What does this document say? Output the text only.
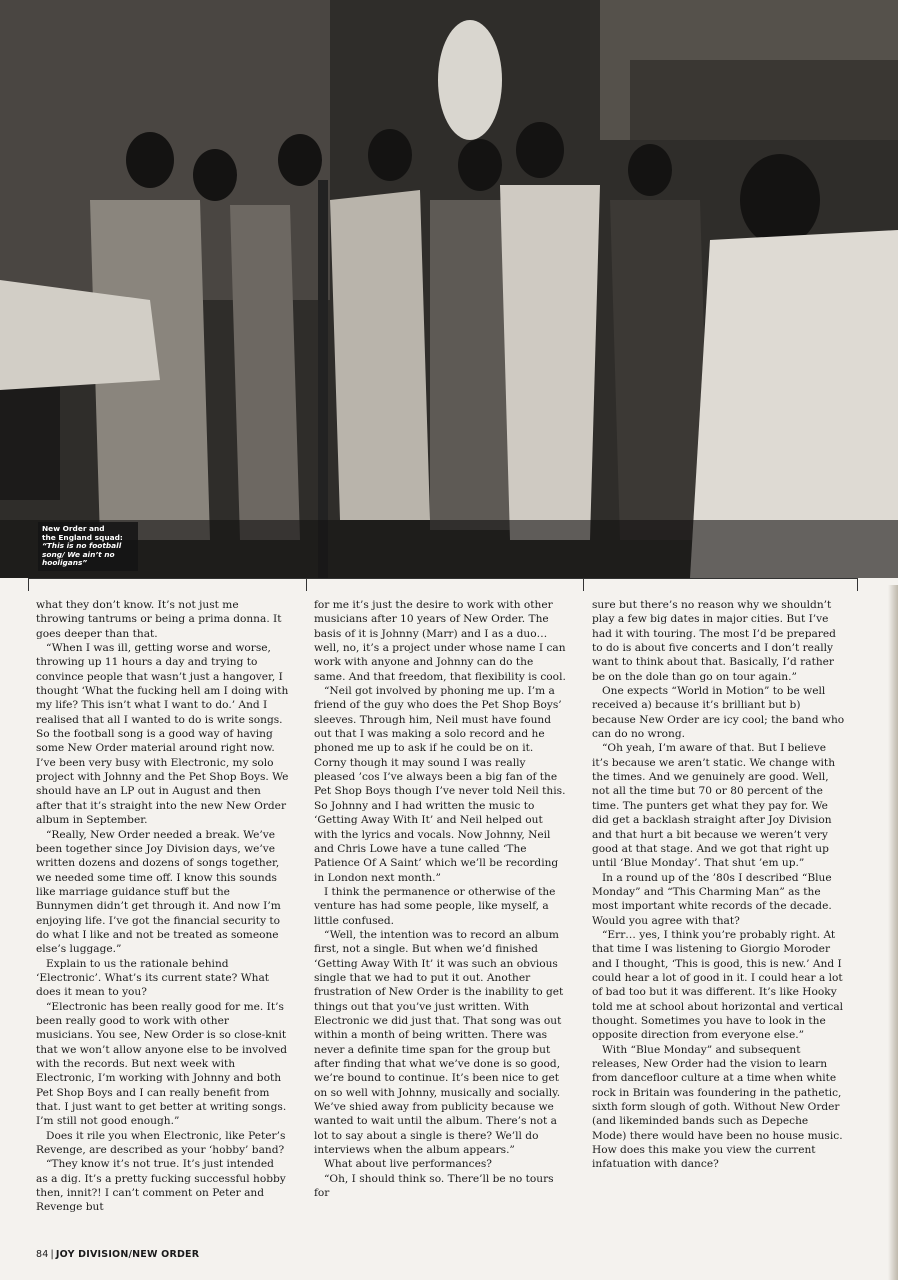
New Order and
the England squad:
“This is no football
song/ We ain’t no
hooligans”

what they don’t know. It’s not just me throwing tantrums or being a prima donna. It goes deeper than that.

“When I was ill, getting worse and worse, throwing up 11 hours a day and trying to convince people that wasn’t just a hangover, I thought ‘What the fucking hell am I doing with my life? This isn’t what I want to do.’ And I realised that all I wanted to do is write songs. So the football song is a good way of having some New Order material around right now. I’ve been very busy with Electronic, my solo project with Johnny and the Pet Shop Boys. We should have an LP out in August and then after that it’s straight into the new New Order album in September.

“Really, New Order needed a break. We’ve been together since Joy Division days, we’ve written dozens and dozens of songs together, we needed some time off. I know this sounds like marriage guidance stuff but the Bunnymen didn’t get through it. And now I’m enjoying life. I’ve got the financial security to do what I like and not be treated as someone else’s luggage.”

Explain to us the rationale behind ‘Electronic’. What’s its current state? What does it mean to you?

“Electronic has been really good for me. It’s been really good to work with other musicians. You see, New Order is so close-knit that we won’t allow anyone else to be involved with the records. But next week with Electronic, I’m working with Johnny and both Pet Shop Boys and I can really benefit from that. I just want to get better at writing songs. I’m still not good enough.”

Does it rile you when Electronic, like Peter’s Revenge, are described as your ‘hobby’ band?

“They know it’s not true. It’s just intended as a dig. It’s a pretty fucking successful hobby then, innit?! I can’t comment on Peter and Revenge but

for me it’s just the desire to work with other musicians after 10 years of New Order. The basis of it is Johnny (Marr) and I as a duo… well, no, it’s a project under whose name I can work with anyone and Johnny can do the same. And that freedom, that flexibility is cool.

“Neil got involved by phoning me up. I’m a friend of the guy who does the Pet Shop Boys’ sleeves. Through him, Neil must have found out that I was making a solo record and he phoned me up to ask if he could be on it. Corny though it may sound I was really pleased ’cos I’ve always been a big fan of the Pet Shop Boys though I’ve never told Neil this. So Johnny and I had written the music to ‘Getting Away With It’ and Neil helped out with the lyrics and vocals. Now Johnny, Neil and Chris Lowe have a tune called ‘The Patience Of A Saint’ which we’ll be recording in London next month.”

I think the permanence or otherwise of the venture has had some people, like myself, a little confused.

“Well, the intention was to record an album first, not a single. But when we’d finished ‘Getting Away With It’ it was such an obvious single that we had to put it out. Another frustration of New Order is the inability to get things out that you’ve just written. With Electronic we did just that. That song was out within a month of being written. There was never a definite time span for the group but after finding that what we’ve done is so good, we’re bound to continue. It’s been nice to get on so well with Johnny, musically and socially. We’ve shied away from publicity because we wanted to wait until the album. There’s not a lot to say about a single is there? We’ll do interviews when the album appears.”

What about live performances?

“Oh, I should think so. There’ll be no tours for

sure but there’s no reason why we shouldn’t play a few big dates in major cities. But I’ve had it with touring. The most I’d be prepared to do is about five concerts and I don’t really want to think about that. Basically, I’d rather be on the dole than go on tour again.”

One expects “World in Motion” to be well received a) because it’s brilliant but b) because New Order are icy cool; the band who can do no wrong.

“Oh yeah, I’m aware of that. But I believe it’s because we aren’t static. We change with the times. And we genuinely are good. Well, not all the time but 70 or 80 percent of the time. The punters get what they pay for. We did get a backlash straight after Joy Division and that hurt a bit because we weren’t very good at that stage. And we got that right up until ‘Blue Monday’. That shut ’em up.”

In a round up of the ’80s I described “Blue Monday” and “This Charming Man” as the most important white records of the decade. Would you agree with that?

“Err… yes, I think you’re probably right. At that time I was listening to Giorgio Moroder and I thought, ‘This is good, this is new.’ And I could hear a lot of good in it. I could hear a lot of bad too but it was different. It’s like Hooky told me at school about horizontal and vertical thought. Sometimes you have to look in the opposite direction from everyone else.”

With “Blue Monday” and subsequent releases, New Order had the vision to learn from dancefloor culture at a time when white rock in Britain was foundering in the pathetic, sixth form slough of goth. Without New Order (and likeminded bands such as Depeche Mode) there would have been no house music. How does this make you view the current infatuation with dance?

84 | JOY DIVISION/NEW ORDER
